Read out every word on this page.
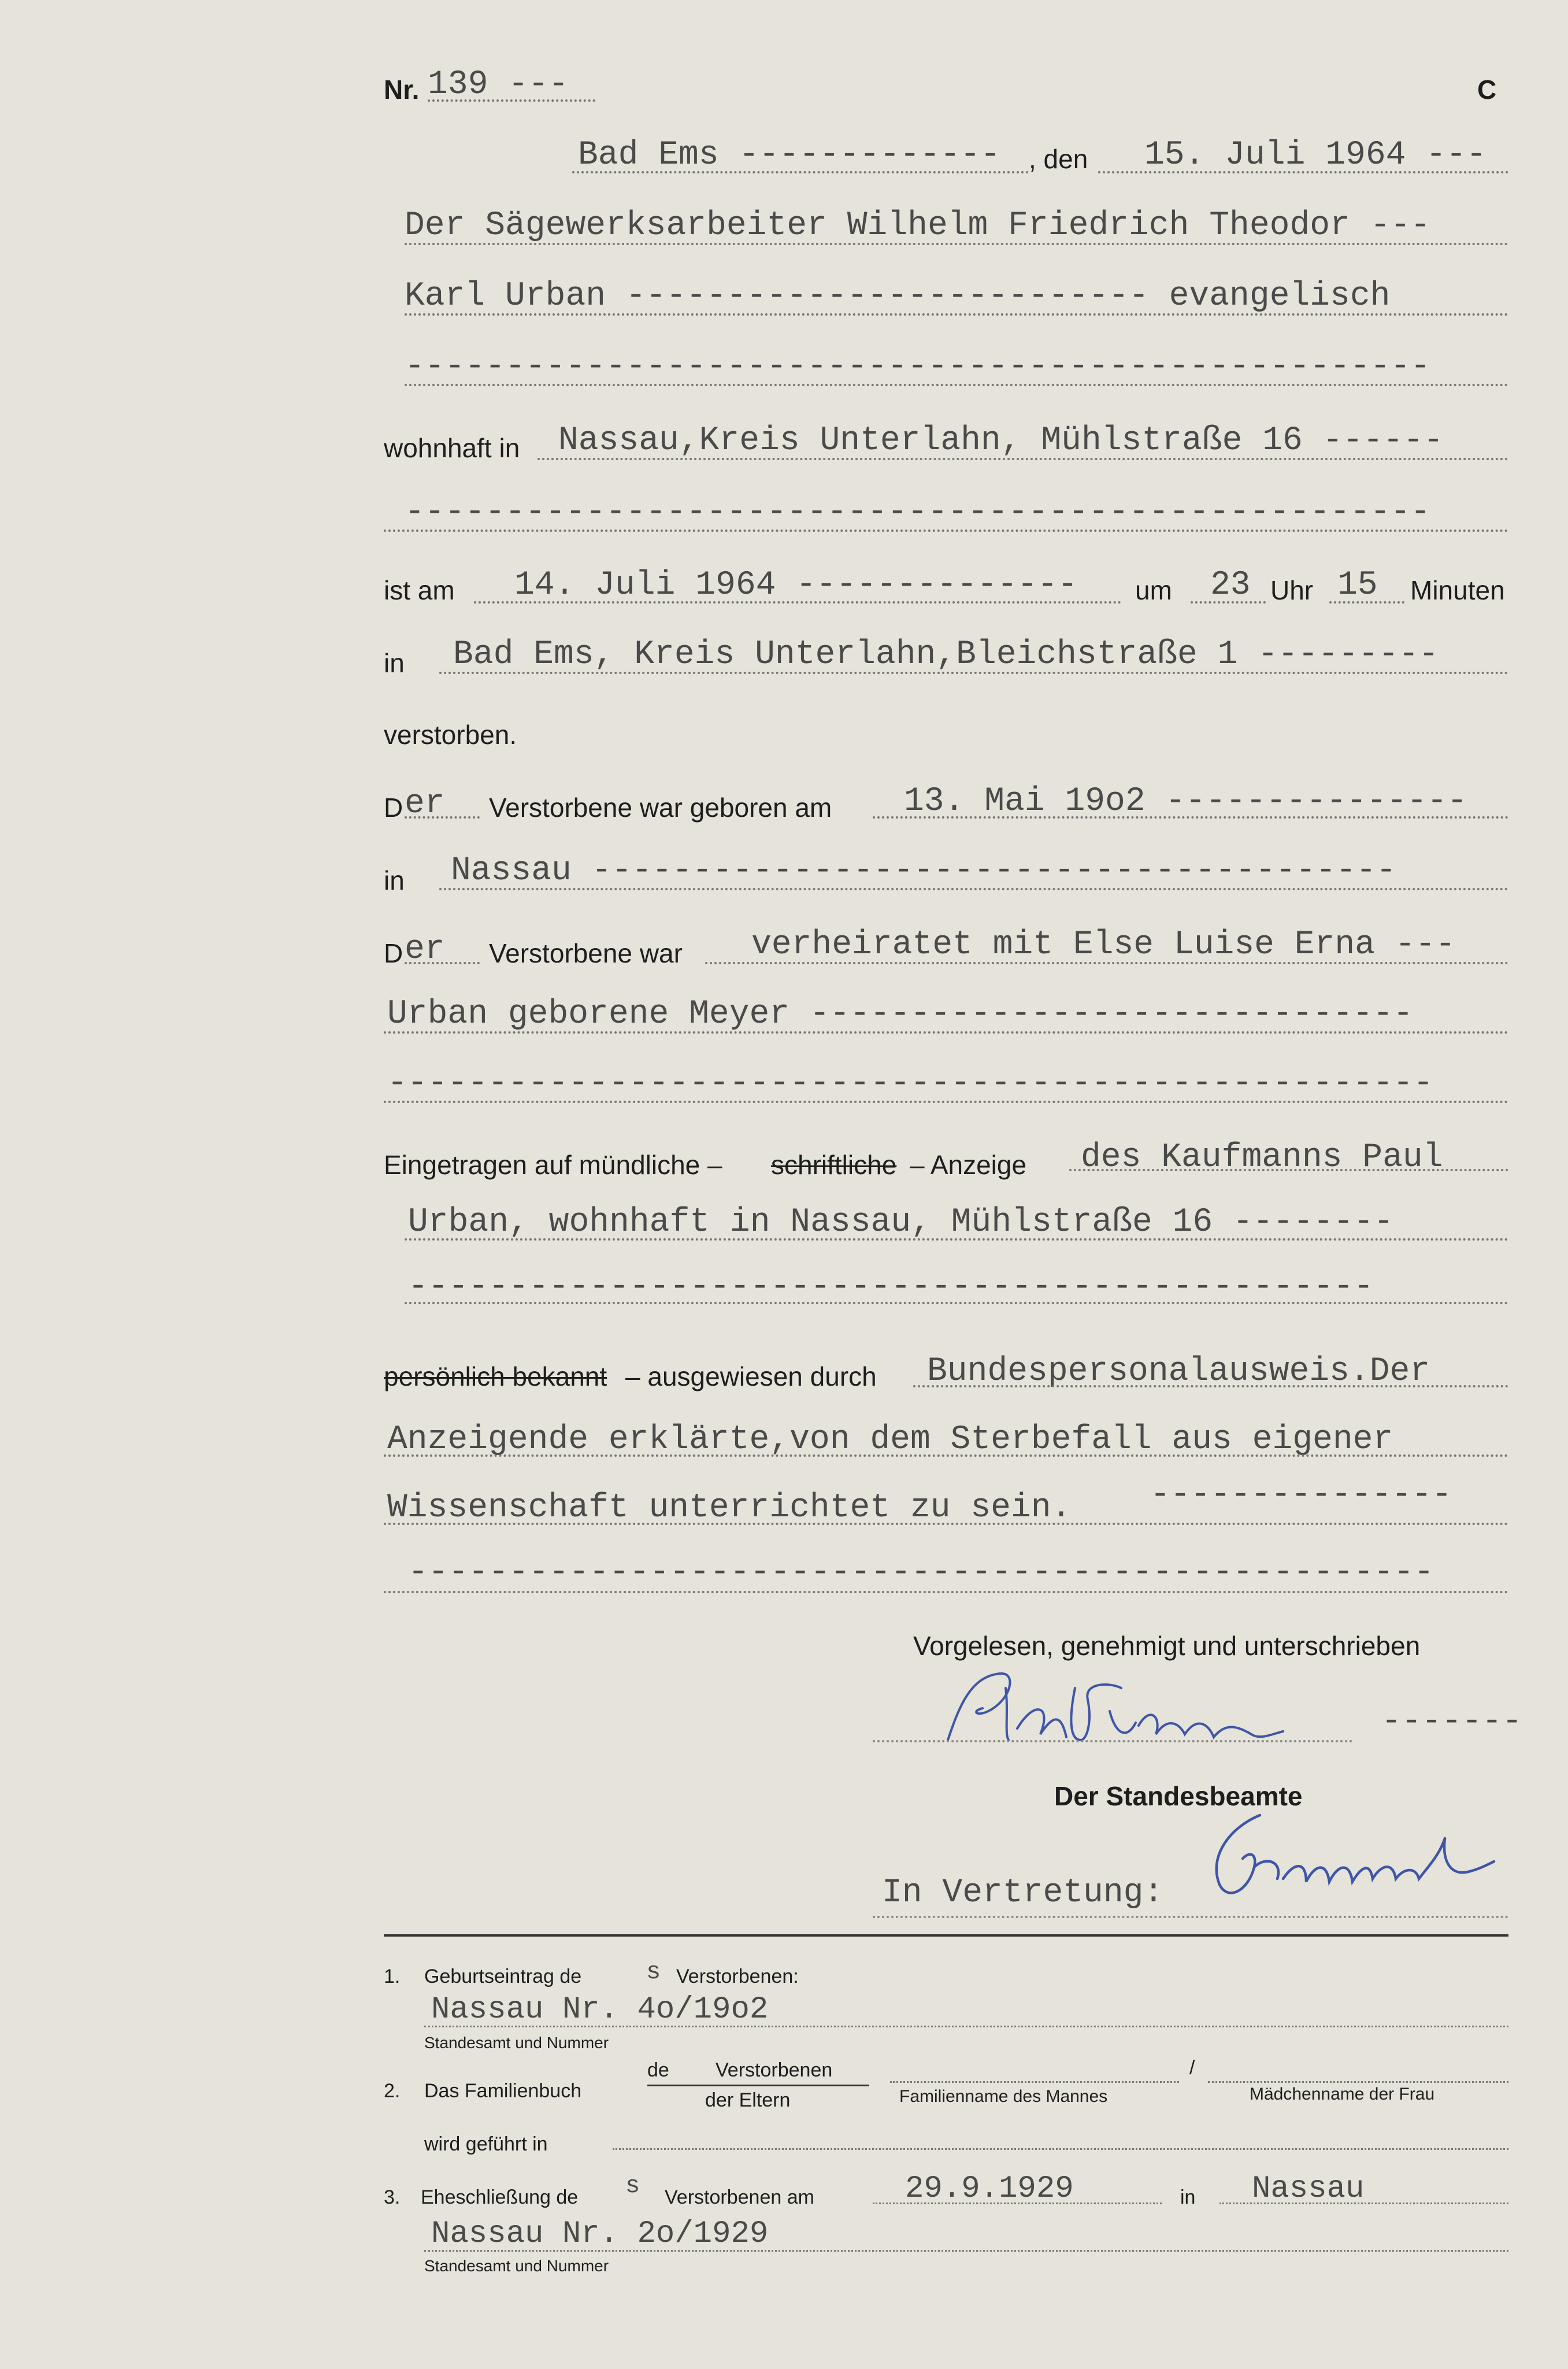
Nr. 139 ---	C
Bad Ems ------------- , den 15. Juli 1964 ---
Der Sägewerksarbeiter Wilhelm Friedrich Theodor ---
Karl Urban -------------------------- evangelisch
---------------------------------------------------
wohnhaft in Nassau,Kreis Unterlahn, Mühlstraße 16 ------
---------------------------------------------------
ist am 14. Juli 1964 -------------- um 23 Uhr 15 Minuten
in Bad Ems, Kreis Unterlahn,Bleichstraße 1 ---------
verstorben.
D er Verstorbene war geboren am 13. Mai 19o2 ---------------
in Nassau ----------------------------------------
D er Verstorbene war verheiratet mit Else Luise Erna ---
Urban geborene Meyer ------------------------------
----------------------------------------------------
Eingetragen auf mündliche – schriftliche – Anzeige des Kaufmanns Paul
Urban, wohnhaft in Nassau, Mühlstraße 16 --------
------------------------------------------------
persönlich bekannt – ausgewiesen durch Bundespersonalausweis.Der
Anzeigende erklärte,von dem Sterbefall aus eigener
Wissenschaft unterrichtet zu sein. ---------------
---------------------------------------------------
Vorgelesen, genehmigt und unterschrieben
-------
Der Standesbeamte
In Vertretung:
1. Geburtseintrag de	s Verstorbenen:
Nassau Nr. 4o/19o2
Standesamt und Nummer
2. Das Familienbuch
de Verstorbenen
der Eltern	Familienname des Mannes
/
Mädchenname der Frau
wird geführt in
3. Eheschließung de s Verstorbenen am	29.9.1929	in Nassau
Nassau Nr. 2o/1929
Standesamt und Nummer
